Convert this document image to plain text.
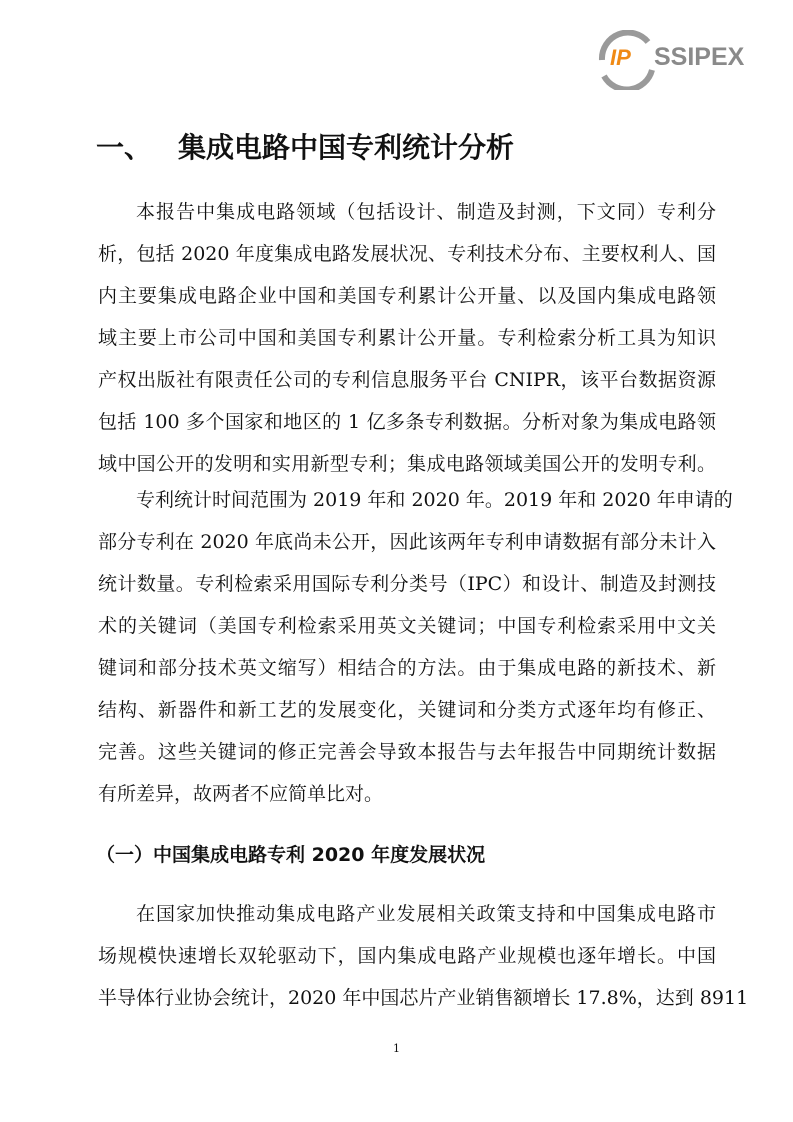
IP SSIPEX
一、 集成电路中国专利统计分析
本报告中集成电路领域（包括设计、制造及封测，下文同）专利分
析，包括 2020 年度集成电路发展状况、专利技术分布、主要权利人、国
内主要集成电路企业中国和美国专利累计公开量、以及国内集成电路领
域主要上市公司中国和美国专利累计公开量。专利检索分析工具为知识
产权出版社有限责任公司的专利信息服务平台 CNIPR，该平台数据资源
包括 100 多个国家和地区的 1 亿多条专利数据。分析对象为集成电路领
域中国公开的发明和实用新型专利；集成电路领域美国公开的发明专利。
专利统计时间范围为 2019 年和 2020 年。2019 年和 2020 年申请的
部分专利在 2020 年底尚未公开，因此该两年专利申请数据有部分未计入
统计数量。专利检索采用国际专利分类号（IPC）和设计、制造及封测技
术的关键词（美国专利检索采用英文关键词；中国专利检索采用中文关
键词和部分技术英文缩写）相结合的方法。由于集成电路的新技术、新
结构、新器件和新工艺的发展变化，关键词和分类方式逐年均有修正、
完善。这些关键词的修正完善会导致本报告与去年报告中同期统计数据
有所差异，故两者不应简单比对。
（一）中国集成电路专利 2020 年度发展状况
在国家加快推动集成电路产业发展相关政策支持和中国集成电路市
场规模快速增长双轮驱动下，国内集成电路产业规模也逐年增长。中国
半导体行业协会统计，2020 年中国芯片产业销售额增长 17.8%，达到 8911
1
